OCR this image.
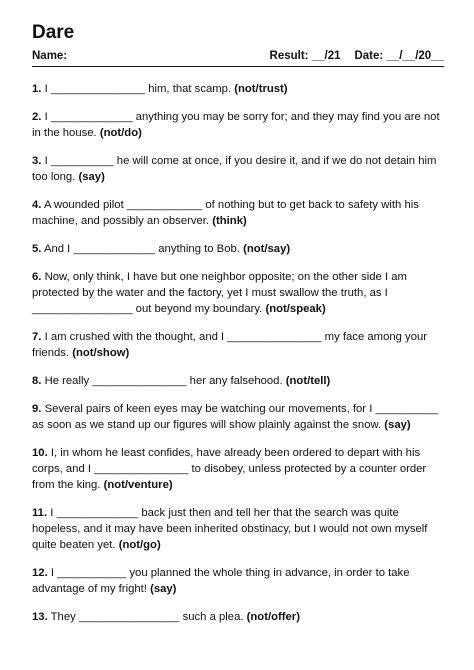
Dare
Name:	Result: __/21 Date: __/__/20__

1. I _______________ him, that scamp. (not/trust)

2. I _____________ anything you may be sorry for; and they may find you are not in the house. (not/do)

3. I __________ he will come at once, if you desire it, and if we do not detain him too long. (say)

4. A wounded pilot ____________ of nothing but to get back to safety with his machine, and possibly an observer. (think)

5. And I _____________ anything to Bob. (not/say)

6. Now, only think, I have but one neighbor opposite; on the other side I am protected by the water and the factory, yet I must swallow the truth, as I ________________ out beyond my boundary. (not/speak)

7. I am crushed with the thought, and I _______________ my face among your friends. (not/show)

8. He really _______________ her any falsehood. (not/tell)

9. Several pairs of keen eyes may be watching our movements, for I __________ as soon as we stand up our figures will show plainly against the snow. (say)

10. I, in whom he least confides, have already been ordered to depart with his corps, and I _______________ to disobey, unless protected by a counter order from the king. (not/venture)

11. I _____________ back just then and tell her that the search was quite hopeless, and it may have been inherited obstinacy, but I would not own myself quite beaten yet. (not/go)

12. I ___________ you planned the whole thing in advance, in order to take advantage of my fright! (say)

13. They ________________ such a plea. (not/offer)
